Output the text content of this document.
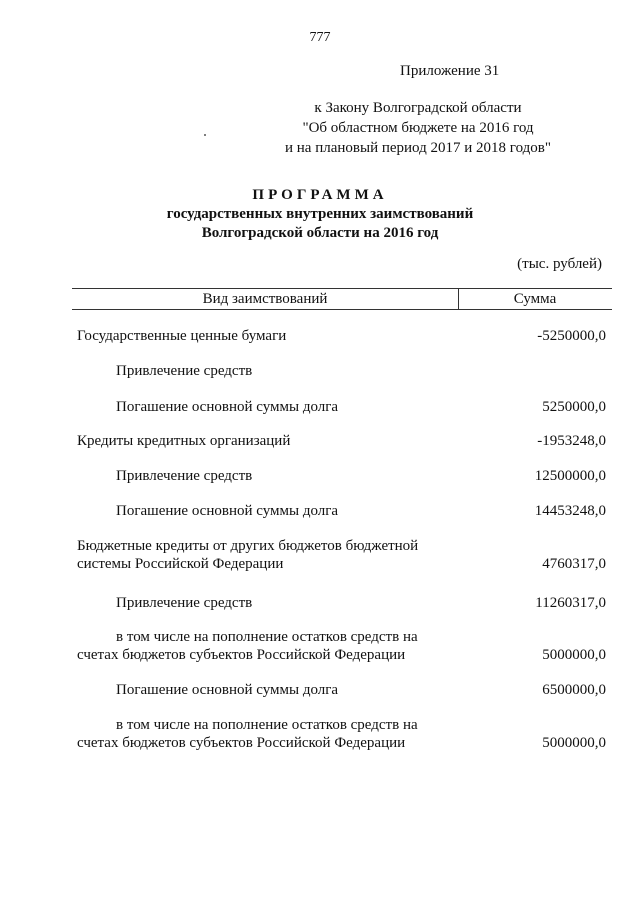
777
Приложение 31
к Закону Волгоградской области
"Об областном бюджете на 2016 год
и на плановый период 2017 и 2018 годов"
ПРОГРАММА
государственных внутренних заимствований
Волгоградской области на 2016 год
(тыс. рублей)
Вид заимствований	Сумма
Государственные ценные бумаги	-5250000,0
Привлечение средств
Погашение основной суммы долга	5250000,0
Кредиты кредитных организаций	-1953248,0
Привлечение средств	12500000,0
Погашение основной суммы долга	14453248,0
Бюджетные кредиты от других бюджетов бюджетной
системы Российской Федерации	4760317,0
Привлечение средств	11260317,0
в том числе на пополнение остатков средств на
счетах бюджетов субъектов Российской Федерации	5000000,0
Погашение основной суммы долга	6500000,0
в том числе на пополнение остатков средств на
счетах бюджетов субъектов Российской Федерации	5000000,0
